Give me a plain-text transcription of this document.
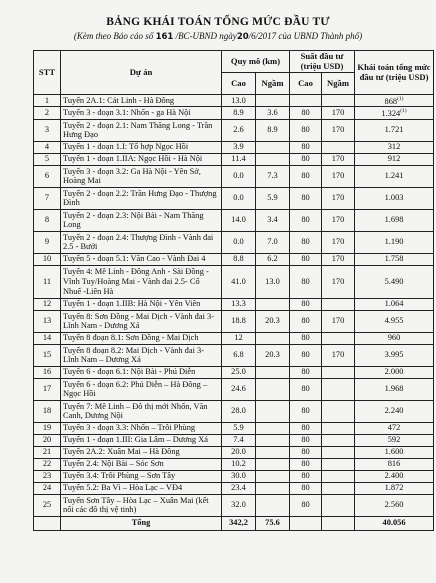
BẢNG KHÁI TOÁN TỔNG MỨC ĐẦU TƯ
(Kèm theo Báo cáo số 161 /BC-UBND ngày20/6/2017 của UBND Thành phố)
STT	Dự án	Quy mô (km)		Suất đầu tư (triệu USD)		Khái toán tổng mức đầu tư (triệu USD)
		Cao	Ngầm	Cao	Ngầm	
1	Tuyến 2A.1: Cát Linh - Hà Đông	13.0				868$^{(1)}$
2	Tuyến 3 - đoạn 3.1: Nhổn - ga Hà Nội	8.9	3.6	80	170	1.324$^{(1)}$
3	Tuyến 2 - đoạn 2.1: Nam Thăng Long - Trần Hưng Đạo	2.6	8.9	80	170	1.721
4	Tuyến 1 - đoạn 1.I: Tổ hợp Ngọc Hồi	3.9		80		312
5	Tuyến 1 - đoạn 1.IIA: Ngọc Hồi - Hà Nội	11.4		80	170	912
6	Tuyến 3 - đoạn 3.2: Ga Hà Nội - Yên Sở, Hoàng Mai	0.0	7.3	80	170	1.241
7	Tuyến 2 - đoạn 2.2: Trần Hưng Đạo - Thượng Đình	0.0	5.9	80	170	1.003
8	Tuyến 2 - đoạn 2.3: Nội Bài - Nam Thăng Long	14.0	3.4	80	170	1.698
9	Tuyến 2 - đoạn 2.4: Thượng Đình - Vành đai 2.5 - Bưởi	0.0	7.0	80	170	1.190
10	Tuyến 5 - đoạn 5.1: Văn Cao - Vành Đai 4	8.8	6.2	80	170	1.758
11	Tuyến 4: Mê Linh - Đông Anh - Sài Đồng - Vĩnh Tuy/Hoàng Mai - Vành đai 2.5- Cổ Nhuế -Liên Hà	41.0	13.0	80	170	5.490
12	Tuyến 1 - đoạn 1.IIB: Hà Nội - Yên Viên	13.3		80		1.064
13	Tuyến 8: Sơn Đồng - Mai Dịch - Vành đai 3- Lĩnh Nam - Dương Xá	18.8	20.3	80	170	4.955
14	Tuyến 8 đoạn 8.1: Sơn Đồng - Mai Dịch	12		80		960
15	Tuyến 8 đoạn 8.2: Mai Dịch - Vành đai 3- Lĩnh Nam – Dương Xá	6.8	20.3	80	170	3.995
16	Tuyến 6 - đoạn 6.1: Nội Bài - Phú Diễn	25.0		80		2.000
17	Tuyến 6 - đoạn 6.2: Phú Diễn – Hà Đông – Ngọc Hồi	24.6		80		1.968
18	Tuyến 7: Mê Linh – Đô thị mới Nhổn, Văn Canh, Dương Nội	28.0		80		2.240
19	Tuyến 3 - đoạn 3.3: Nhổn – Trôi Phùng	5.9		80		472
20	Tuyến 1 - đoạn 1.III: Gia Lâm – Dương Xá	7.4		80		592
21	Tuyến 2A.2: Xuân Mai – Hà Đông	20.0		80		1.600
22	Tuyến 2.4: Nội Bài – Sóc Sơn	10.2		80		816
23	Tuyến 3.4: Trôi Phùng – Sơn Tây	30.0		80		2.400
24	Tuyến 5.2: Ba Vì – Hòa Lạc – VĐ4	23.4		80		1.872
25	Tuyến Sơn Tây – Hòa Lạc – Xuân Mai (kết nối các đô thị vệ tinh)	32.0		80		2.560
	Tổng	342,2	75.6			40.056
